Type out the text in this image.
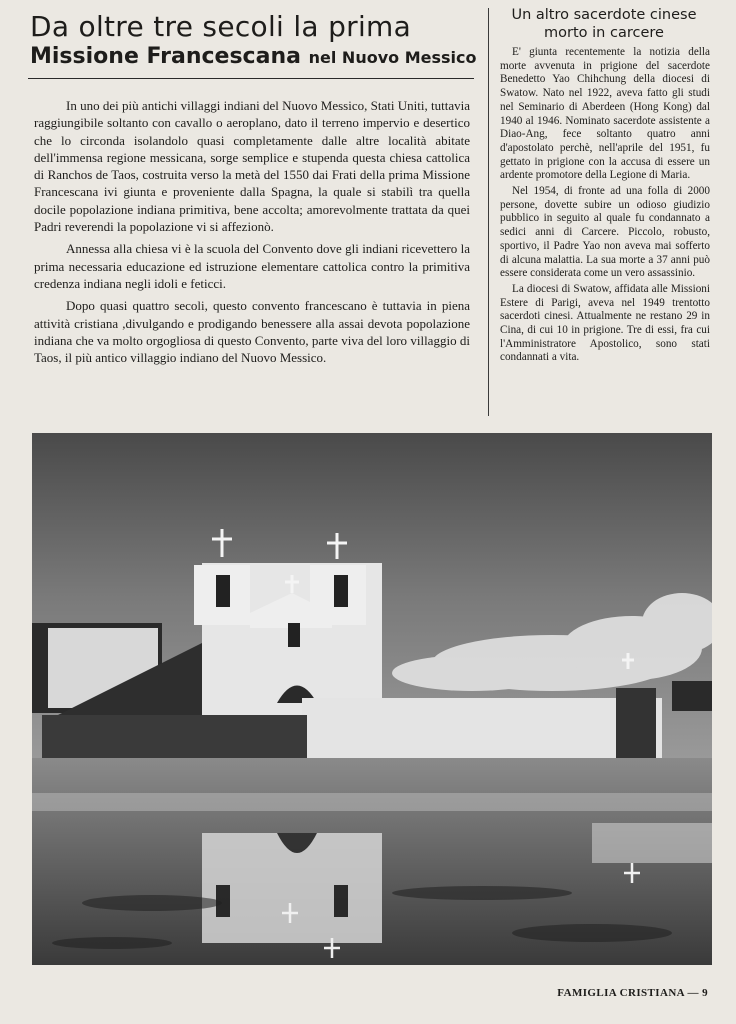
Da oltre tre secoli la prima
Missione Francescana nel Nuovo Messico

In uno dei più antichi villaggi indiani del Nuovo Messico, Stati Uniti, tuttavia raggiungibile soltanto con cavallo o aeroplano, dato il terreno impervio e desertico che lo circonda isolandolo quasi completamente dalle altre località abitate dell'immensa regione messicana, sorge semplice e stupenda questa chiesa cattolica di Ranchos de Taos, costruita verso la metà del 1550 dai Frati della prima Missione Francescana ivi giunta e proveniente dalla Spagna, la quale si stabilì tra quella docile popolazione indiana primitiva, bene accolta; amorevolmente trattata da quei Padri reverendi la popolazione vi si affezionò.

Annessa alla chiesa vi è la scuola del Convento dove gli indiani ricevettero la prima necessaria educazione ed istruzione elementare cattolica contro la primitiva credenza indiana negli idoli e feticci.

Dopo quasi quattro secoli, questo convento francescano è tuttavia in piena attività cristiana ,divulgando e prodigando benessere alla assai devota popolazione indiana che va molto orgogliosa di questo Convento, parte viva del loro villaggio di Taos, il più antico villaggio indiano del Nuovo Messico.

Un altro sacerdote cinese
morto in carcere

E' giunta recentemente la notizia della morte avvenuta in prigione del sacerdote Benedetto Yao Chihchung della diocesi di Swatow. Nato nel 1922, aveva fatto gli studi nel Seminario di Aberdeen (Hong Kong) dal 1940 al 1946. Nominato sacerdote assistente a Diao-Ang, fece soltanto quatro anni d'apostolato perchè, nell'aprile del 1951, fu gettato in prigione con la accusa di essere un ardente promotore della Legione di Maria.

Nel 1954, di fronte ad una folla di 2000 persone, dovette subire un odioso giudizio pubblico in seguito al quale fu condannato a sedici anni di Carcere. Piccolo, robusto, sportivo, il Padre Yao non aveva mai sofferto di alcuna malattia. La sua morte a 37 anni può essere considerata come un vero assassinio.

La diocesi di Swatow, affidata alle Missioni Estere di Parigi, aveva nel 1949 trentotto sacerdoti cinesi. Attualmente ne restano 29 in Cina, di cui 10 in prigione. Tre di essi, fra cui l'Amministratore Apostolico, sono stati condannati a vita.

FAMIGLIA CRISTIANA — 9
